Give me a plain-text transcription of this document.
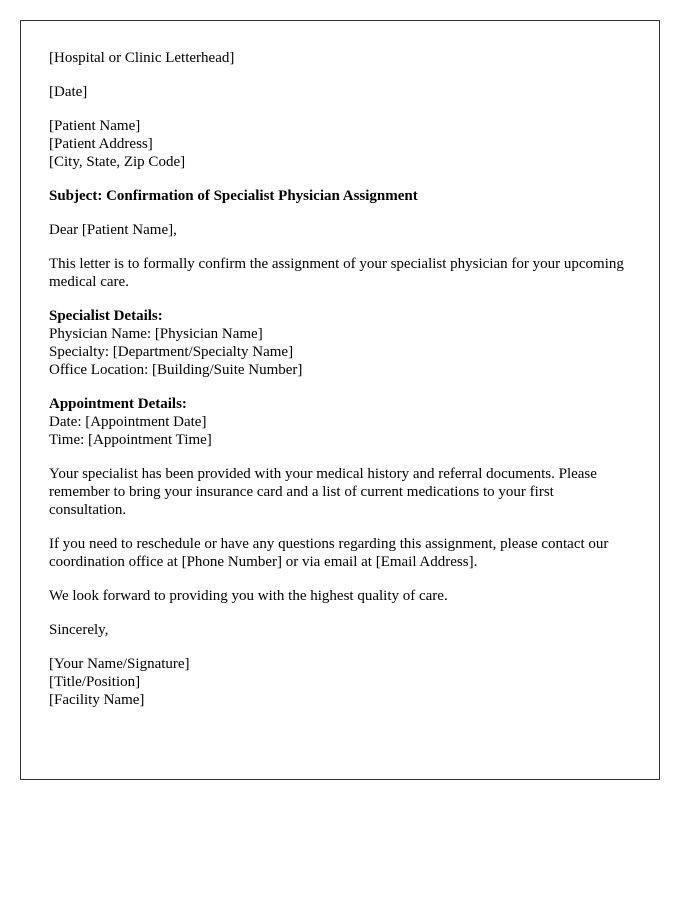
[Hospital or Clinic Letterhead]
[Date]
[Patient Name]
[Patient Address]
[City, State, Zip Code]
Subject: Confirmation of Specialist Physician Assignment
Dear [Patient Name],
This letter is to formally confirm the assignment of your specialist physician for your upcoming medical care.
Specialist Details:
Physician Name: [Physician Name]
Specialty: [Department/Specialty Name]
Office Location: [Building/Suite Number]
Appointment Details:
Date: [Appointment Date]
Time: [Appointment Time]
Your specialist has been provided with your medical history and referral documents. Please remember to bring your insurance card and a list of current medications to your first consultation.
If you need to reschedule or have any questions regarding this assignment, please contact our coordination office at [Phone Number] or via email at [Email Address].
We look forward to providing you with the highest quality of care.
Sincerely,
[Your Name/Signature]
[Title/Position]
[Facility Name]
